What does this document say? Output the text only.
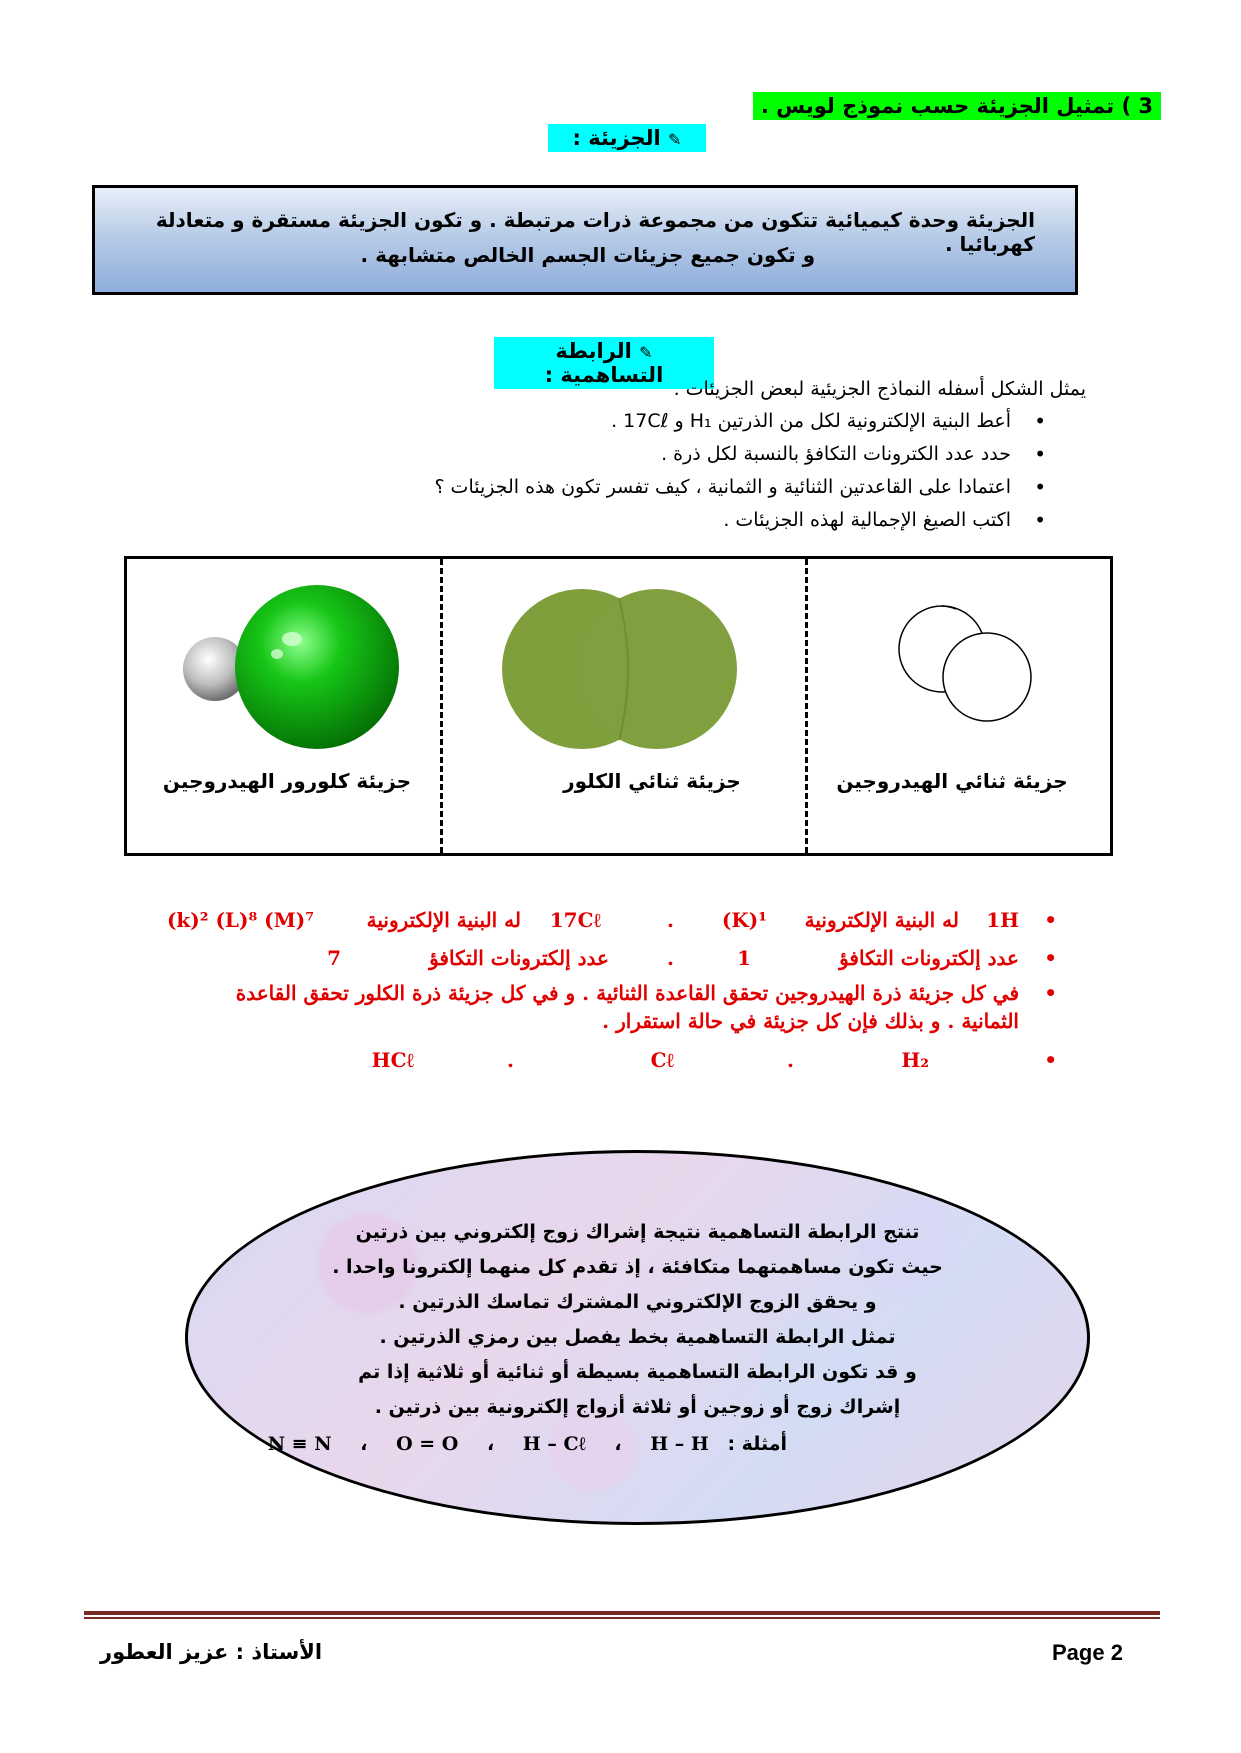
3 ) تمثيل الجزيئة حسب نموذج لويس .
✎ الجزيئة :

الجزيئة وحدة كيميائية تتكون من مجموعة ذرات مرتبطة . و تكون الجزيئة مستقرة و متعادلة كهربائيا .

و تكون جميع جزيئات الجسم الخالص متشابهة .

✎ الرابطة التساهمية :
يمثل الشكل أسفله النماذج الجزيئية لبعض الجزيئات .
أعط البنية الإلكترونية لكل من الذرتين H₁ و 17Cℓ . •
حدد عدد الكترونات التكافؤ بالنسبة لكل ذرة . •
اعتمادا على القاعدتين الثنائية و الثمانية ، كيف تفسر تكون هذه الجزيئات ؟ •
اكتب الصيغ الإجمالية لهذه الجزيئات . •
جزيئة ثنائي الهيدروجين
جزيئة ثنائي الكلور
جزيئة كلورور الهيدروجين
•
1H
له البنية الإلكترونية
(K)¹
.
17Cℓ
له البنية الإلكترونية
(k)² (L)⁸ (M)⁷
•
عدد إلكترونات التكافؤ
1
.
عدد إلكترونات التكافؤ
7
•
في كل جزيئة ذرة الهيدروجين تحقق القاعدة الثنائية . و في كل جزيئة ذرة الكلور تحقق القاعدة
الثمانية . و بذلك فإن كل جزيئة في حالة استقرار .
•
H₂
.
Cℓ
.
HCℓ
تنتج الرابطة التساهمية نتيجة إشراك زوج إلكتروني بين ذرتين
حيث تكون مساهمتهما متكافئة ، إذ تقدم كل منهما إلكترونا واحدا .
و يحقق الزوج الإلكتروني المشترك تماسك الذرتين .
تمثل الرابطة التساهمية بخط يفصل بين رمزي الذرتين .
و قد تكون الرابطة التساهمية بسيطة أو ثنائية أو ثلاثية إذا تم
إشراك زوج أو زوجين أو ثلاثة أزواج إلكترونية بين ذرتين .
أمثلة : H – H ، H – Cℓ ، O = O ، N ≡ N
الأستاذ : عزيز العطور	Page 2
